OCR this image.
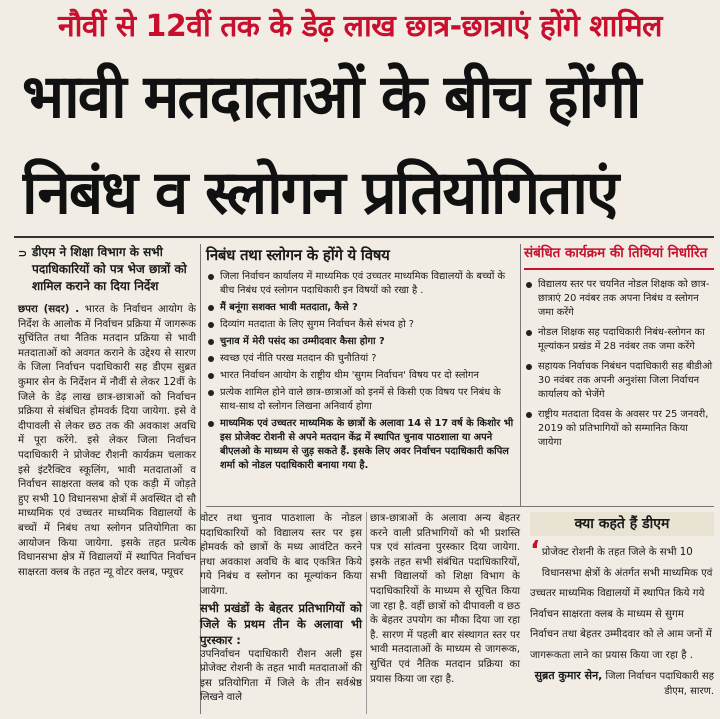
नौवीं से 12वीं तक के डेढ़ लाख छात्र-छात्राएं होंगे शामिल
भावी मतदाताओं के बीच होंगी
निबंध व स्लोगन प्रतियोगिताएं
⊃ डीएम ने शिक्षा विभाग के सभी पदाधिकारियों को पत्र भेज छात्रों को शामिल कराने का दिया निर्देश

छपरा (सदर) . भारत के निर्वाचन आयोग के निर्देश के आलोक में निर्वाचन प्रक्रिया में जागरूक सुचिंतित तथा नैतिक मतदान प्रक्रिया से भावी मतदाताओं को अवगत कराने के उद्देश्य से सारण के जिला निर्वाचन पदाधिकारी सह डीएम सुब्रत कुमार सेन के निर्देशन में नौवीं से लेकर 12वीं के जिले के डेढ़ लाख छात्र-छात्राओं को निर्वाचन प्रक्रिया से संबंधित होमवर्क दिया जायेगा. इसे वे दीपावली से लेकर छठ तक की अवकाश अवधि में पूरा करेंगे. इसे लेकर जिला निर्वाचन पदाधिकारी ने प्रोजेक्ट रौशनी कार्यक्रम चलाकर इसे इंटरैक्टिव स्कूलिंग, भावी मतदाताओं व निर्वाचन साक्षरता क्लब को एक कड़ी में जोड़ते हुए सभी 10 विधानसभा क्षेत्रों में अवस्थित दो सौ माध्यमिक एवं उच्चतर माध्यमिक विद्यालयों के बच्चों में निबंध तथा स्लोगन प्रतियोगिता का आयोजन किया जायेगा. इसके तहत प्रत्येक विधानसभा क्षेत्र में विद्यालयों में स्थापित निर्वाचन साक्षरता क्लब के तहत न्यू वोटर क्लब, फ्यूचर

निबंध तथा स्लोगन के होंगे ये विषय
जिला निर्वाचन कार्यालय में माध्यमिक एवं उच्चतर माध्यमिक विद्यालयों के बच्चों के बीच निबंध एवं स्लोगन पदाधिकारी इन विषयों को रखा है .
मैं बनूंगा सशक्त भावी मतदाता, कैसे ?
दिव्यांग मतदाता के लिए सुगम निर्वाचन कैसे संभव हो ?
चुनाव में मेरी पसंद का उम्मीदवार कैसा होगा ?
स्वच्छ एवं नीति परख मतदान की चुनौतियां ?
भारत निर्वाचन आयोग के राष्ट्रीय थीम 'सुगम निर्वाचन' विषय पर दो स्लोगन
प्रत्येक शामिल होने वाले छात्र-छात्राओं को इनमें से किसी एक विषय पर निबंध के साथ-साथ दो स्लोगन लिखना अनिवार्य होगा
माध्यमिक एवं उच्चतर माध्यमिक के छात्रों के अलावा 14 से 17 वर्ष के किशोर भी इस प्रोजेक्ट रोशनी से अपने मतदान केंद्र में स्थापित चुनाव पाठशाला या अपने बीएलओ के माध्यम से जुड़ सकते हैं. इसके लिए अवर निर्वाचन पदाधिकारी कपिल शर्मा को नोडल पदाधिकारी बनाया गया है.
संबंधित कार्यक्रम की तिथियां निर्धारित
विद्यालय स्तर पर चयनित नोडल शिक्षक को छात्र-छात्राएं 20 नवंबर तक अपना निबंध व स्लोगन जमा करेंगे
नोडल शिक्षक सह पदाधिकारी निबंध-स्लोगन का मूल्यांकन प्रखंड में 28 नवंबर तक जमा करेंगे
सहायक निर्वाचक निबंधन पदाधिकारी सह बीडीओ 30 नवंबर तक अपनी अनुशंसा जिला निर्वाचन कार्यालय को भेजेंगे
राष्ट्रीय मतदाता दिवस के अवसर पर 25 जनवरी, 2019 को प्रतिभागियों को सम्मानित किया जायेगा

वोटर तथा चुनाव पाठशाला के नोडल पदाधिकारियों को विद्यालय स्तर पर इस होमवर्क को छात्रों के मध्य आवंटित करने तथा अवकाश अवधि के बाद एकत्रित किये गये निबंध व स्लोगन का मूल्यांकन किया जायेगा.

सभी प्रखंडों के बेहतर प्रतिभागियों को जिले के प्रथम तीन के अलावा भी पुरस्कार :

उपनिर्वाचन पदाधिकारी रौशन अली इस प्रोजेक्ट रोशनी के तहत भावी मतदाताओं की इस प्रतियोगिता में जिले के तीन सर्वश्रेष्ठ लिखने वाले

छात्र-छात्राओं के अलावा अन्य बेहतर करने वाली प्रतिभागियों को भी प्रशस्ति पत्र एवं सांत्वना पुरस्कार दिया जायेगा. इसके तहत सभी संबंधित पदाधिकारियों, सभी विद्यालयों को शिक्षा विभाग के पदाधिकारियों के माध्यम से सूचित किया जा रहा है. वहीं छात्रों को दीपावली व छठ के बेहतर उपयोग का मौका दिया जा रहा है. सारण में पहली बार संस्थागत स्तर पर भावी मतदाताओं के माध्यम से जागरूक, सुचिंत एवं नैतिक मतदान प्रक्रिया का प्रयास किया जा रहा है.

क्या कहते हैं डीएम
‘ प्रोजेक्ट रोशनी के तहत जिले के सभी 10 विधानसभा क्षेत्रों के अंतर्गत सभी माध्यमिक एवं उच्चतर माध्यमिक विद्यालयों में स्थापित किये गये निर्वाचन साक्षरता क्लब के माध्यम से सुगम निर्वाचन तथा बेहतर उम्मीदवार को ले आम जनों में जागरूकता लाने का प्रयास किया जा रहा है .
सुब्रत कुमार सेन, जिला निर्वाचन पदाधिकारी सह डीएम, सारण.
